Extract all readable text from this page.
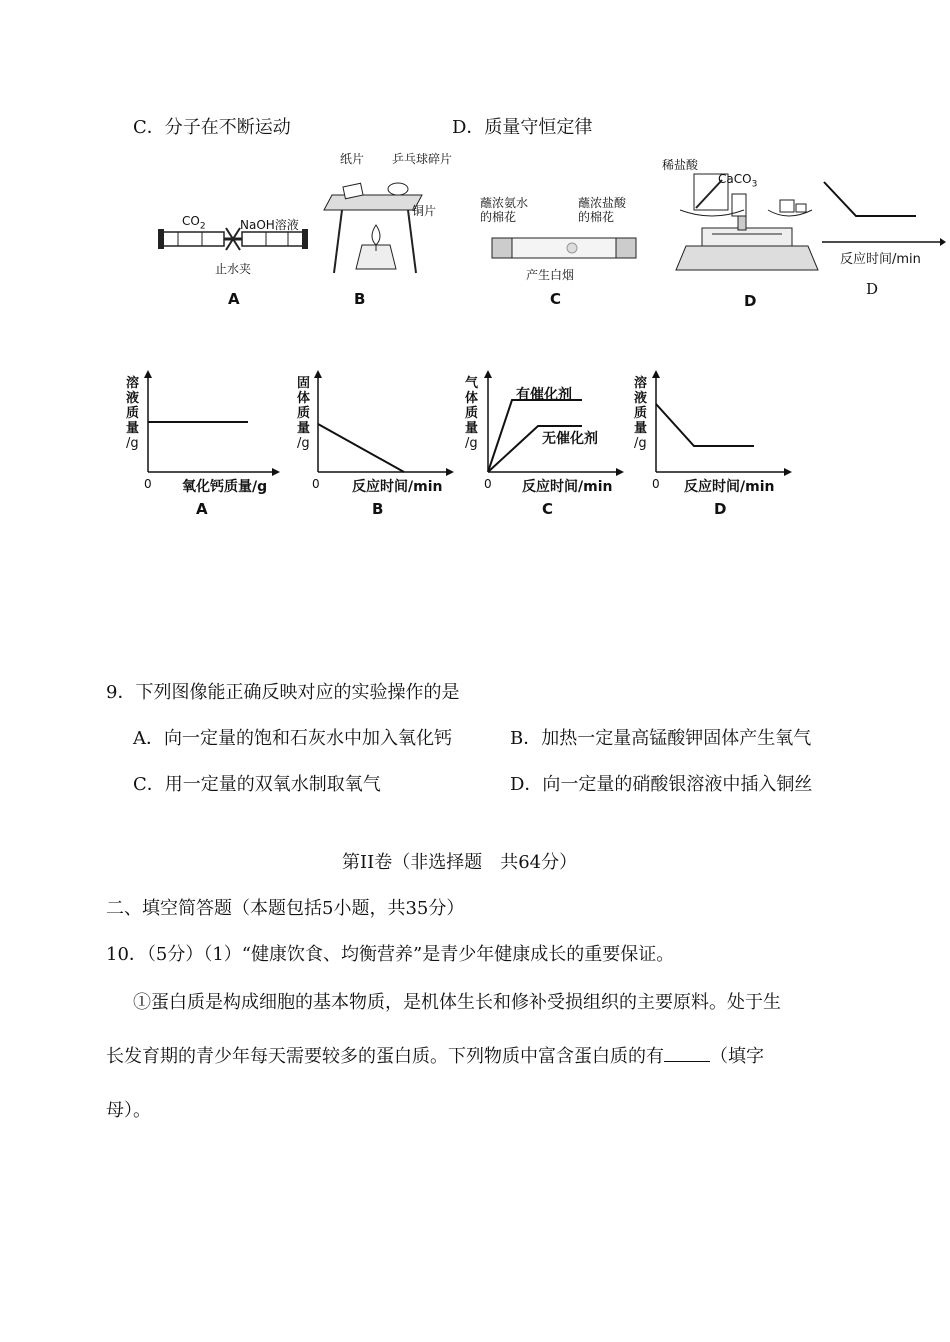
C．分子在不断运动	D．质量守恒定律
$CO_2$	NaOH溶液
止水夹
A
纸片 乒乓球碎片
铜片
B
蘸浓氨水
的棉花
蘸浓盐酸
的棉花
产生白烟
C
稀盐酸
CaCO$_3$
D
反应时间/min
D
溶
液
质
量
/g
0 氧化钙质量/g
A
固
体
质
量
/g
0 反应时间/min
B
气
体
质
量
/g
有催化剂
无催化剂
0 反应时间/min
C
溶
液
质
量
/g
0 反应时间/min
D
9．下列图像能正确反映对应的实验操作的是
A．向一定量的饱和石灰水中加入氧化钙	B．加热一定量高锰酸钾固体产生氧气
C．用一定量的双氧水制取氧气	D．向一定量的硝酸银溶液中插入铜丝
第II卷（非选择题　共64分）
二、填空简答题（本题包括5小题，共35分）
10．（5分）（1）“健康饮食、均衡营养”是青少年健康成长的重要保证。
①蛋白质是构成细胞的基本物质，是机体生长和修补受损组织的主要原料。处于生
长发育期的青少年每天需要较多的蛋白质。下列物质中富含蛋白质的有	（填字
母）。
